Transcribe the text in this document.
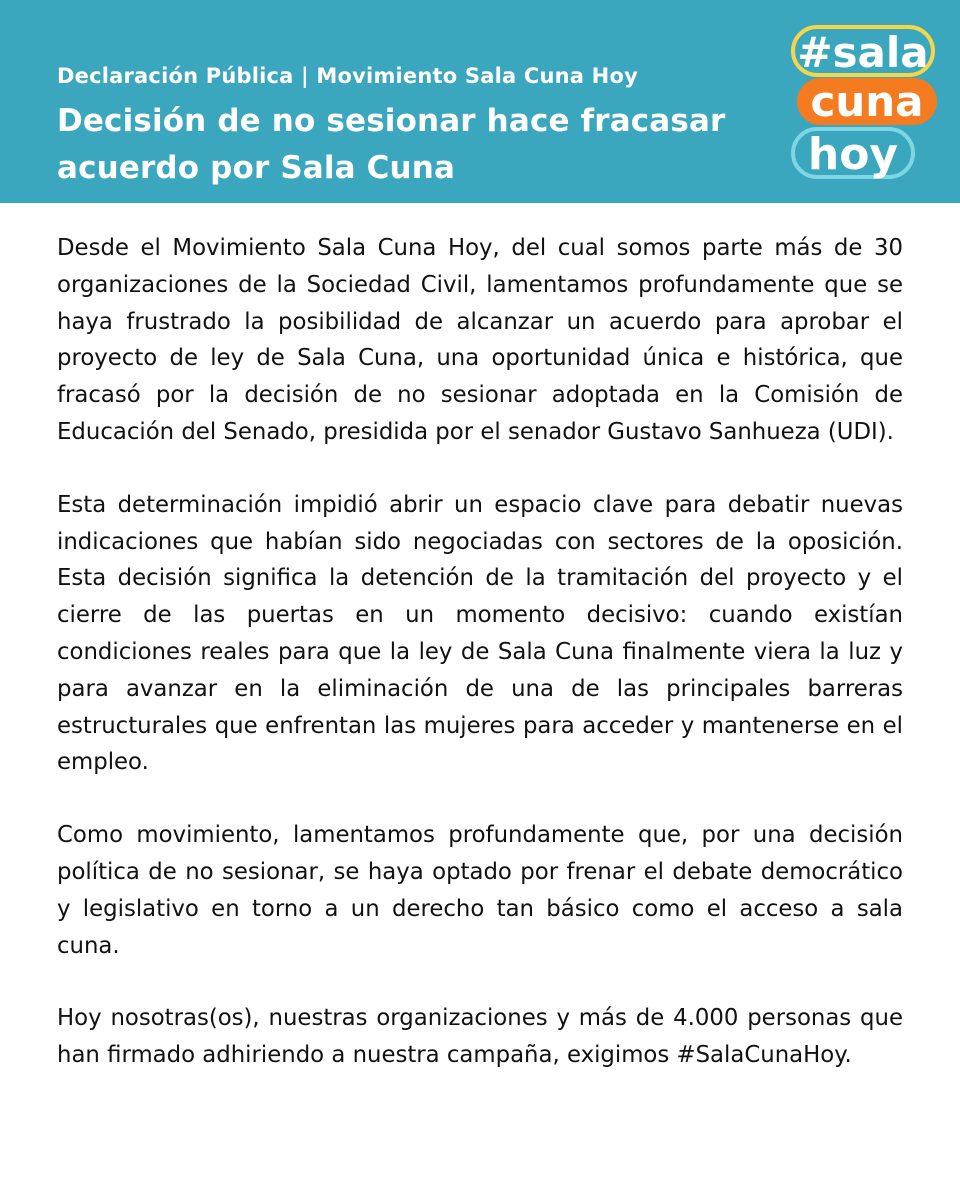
Declaración Pública | Movimiento Sala Cuna Hoy
Decisión de no sesionar hace fracasar acuerdo por Sala Cuna
#sala
cuna
hoy

Desde el Movimiento Sala Cuna Hoy, del cual somos parte más de 30 organizaciones de la Sociedad Civil, lamentamos profundamente que se haya frustrado la posibilidad de alcanzar un acuerdo para aprobar el proyecto de ley de Sala Cuna, una oportunidad única e histórica, que fracasó por la decisión de no sesionar adoptada en la Comisión de Educación del Senado, presidida por el senador Gustavo Sanhueza (UDI).

Esta determinación impidió abrir un espacio clave para debatir nuevas indicaciones que habían sido negociadas con sectores de la oposición. Esta decisión significa la detención de la tramitación del proyecto y el cierre de las puertas en un momento decisivo: cuando existían condiciones reales para que la ley de Sala Cuna finalmente viera la luz y para avanzar en la eliminación de una de las principales barreras estructurales que enfrentan las mujeres para acceder y mantenerse en el empleo.

Como movimiento, lamentamos profundamente que, por una decisión política de no sesionar, se haya optado por frenar el debate democrático y legislativo en torno a un derecho tan básico como el acceso a sala cuna.

Hoy nosotras(os), nuestras organizaciones y más de 4.000 personas que han firmado adhiriendo a nuestra campaña, exigimos #SalaCunaHoy.
